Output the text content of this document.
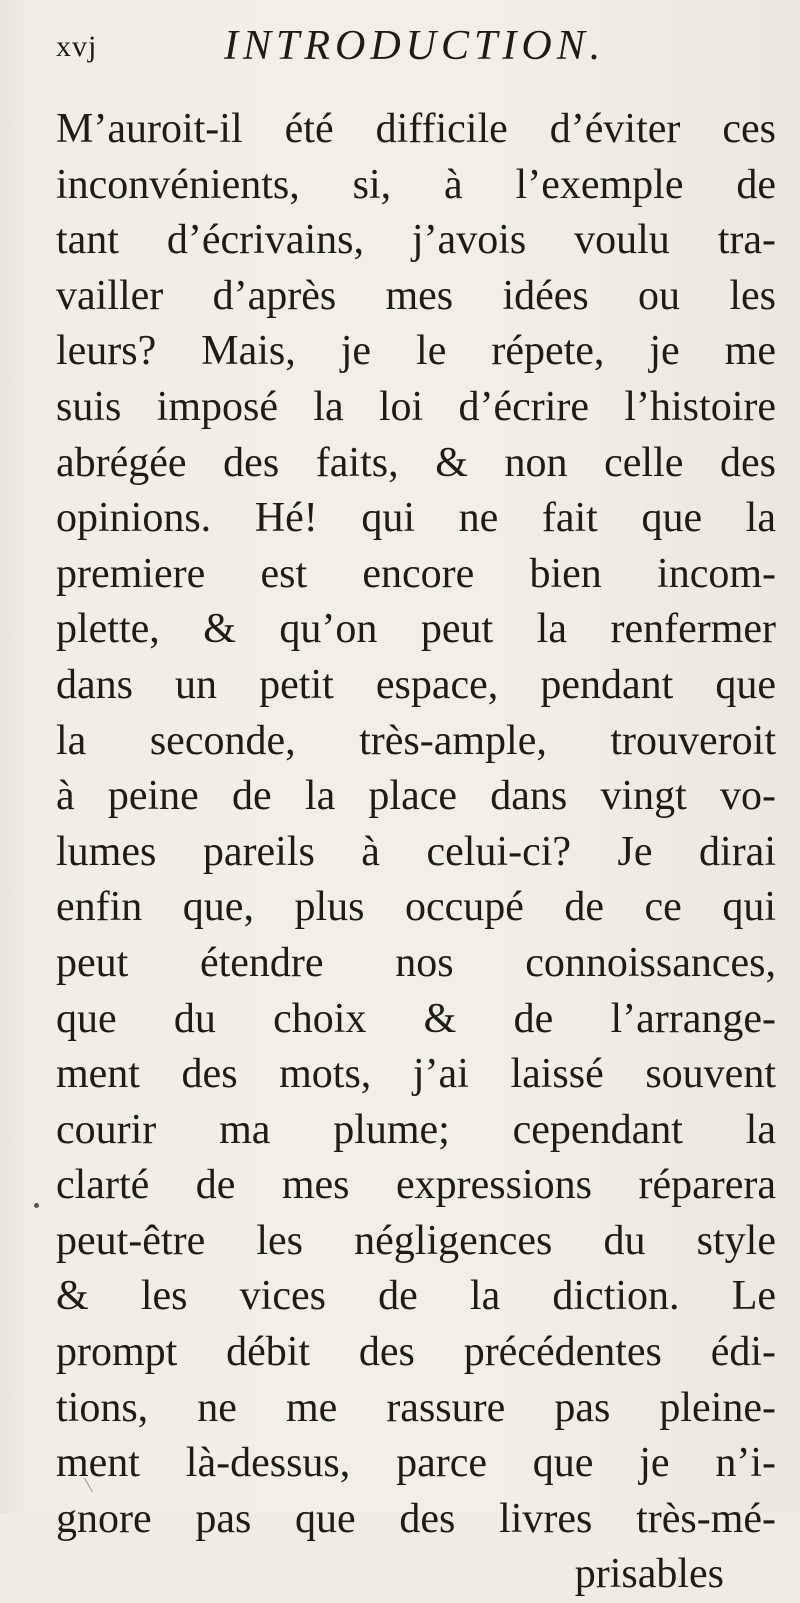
xvj	INTRODUCTION.
M’auroit-il été difficile d’éviter ces
inconvénients, si, à l’exemple de
tant d’écrivains, j’avois voulu tra-
vailler d’après mes idées ou les
leurs? Mais, je le répete, je me
suis imposé la loi d’écrire l’histoire
abrégée des faits, & non celle des
opinions. Hé! qui ne fait que la
premiere est encore bien incom-
plette, & qu’on peut la renfermer
dans un petit espace, pendant que
la seconde, très-ample, trouveroit
à peine de la place dans vingt vo-
lumes pareils à celui-ci? Je dirai
enfin que, plus occupé de ce qui
peut étendre nos connoissances,
que du choix & de l’arrange-
ment des mots, j’ai laissé souvent
courir ma plume; cependant la
clarté de mes expressions réparera
peut-être les négligences du style
& les vices de la diction. Le
prompt débit des précédentes édi-
tions, ne me rassure pas pleine-
ment là-dessus, parce que je n’i-
gnore pas que des livres très-mé-
prisables
